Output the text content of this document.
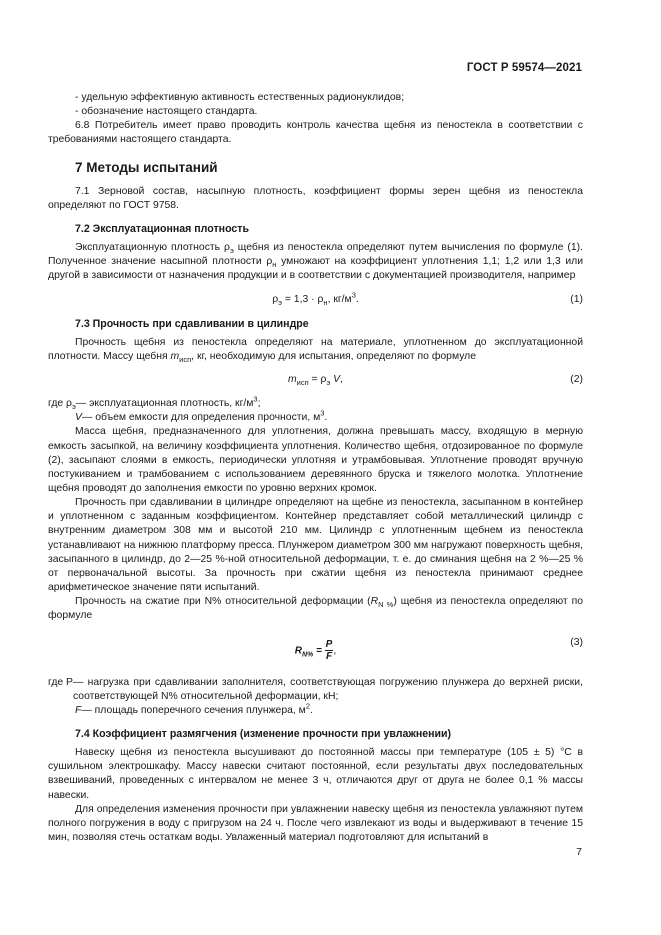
ГОСТ Р 59574—2021

- удельную эффективную активность естественных радионуклидов;

- обозначение настоящего стандарта.

6.8 Потребитель имеет право проводить контроль качества щебня из пеностекла в соответствии с требованиями настоящего стандарта.

7 Методы испытаний

7.1 Зерновой состав, насыпную плотность, коэффициент формы зерен щебня из пеностекла определяют по ГОСТ 9758.

7.2 Эксплуатационная плотность

Эксплуатационную плотность $\rho_э$ щебня из пеностекла определяют путем вычисления по формуле (1). Полученное значение насыпной плотности $\rho_н$ умножают на коэффициент уплотнения 1,1; 1,2 или 1,3 или другой в зависимости от назначения продукции и в соответствии с документацией производителя, например

$\rho_э = 1,3 \cdot \rho_н$, $кг/м^3$.	(1)

7.3 Прочность при сдавливании в цилиндре

Прочность щебня из пеностекла определяют на материале, уплотненном до эксплуатационной плотности. Массу щебня $m_{исп}$, кг, необходимую для испытания, определяют по формуле

$m_{исп} = \rho_э$ V,	(2)
где $\rho_э$ — эксплуатационная плотность, $кг/м^3$;
V — объем емкости для определения прочности, $м^3$.

Масса щебня, предназначенного для уплотнения, должна превышать массу, входящую в мерную емкость засыпкой, на величину коэффициента уплотнения. Количество щебня, отдозированное по формуле (2), засыпают слоями в емкость, периодически уплотняя и утрамбовывая. Уплотнение проводят вручную постукиванием и трамбованием с использованием деревянного бруска и тяжелого молотка. Уплотнение щебня проводят до заполнения емкости по уровню верхних кромок.

Прочность при сдавливании в цилиндре определяют на щебне из пеностекла, засыпанном в контейнер и уплотненном с заданным коэффициентом. Контейнер представляет собой металлический цилиндр с внутренним диаметром 308 мм и высотой 210 мм. Цилиндр с уплотненным щебнем из пеностекла устанавливают на нижнюю платформу пресса. Плунжером диаметром 300 мм нагружают поверхность щебня, засыпанного в цилиндр, до 2—25 %-ной относительной деформации, т. е. до сминания щебня на 2 %—25 % от первоначальной высоты. За прочность при сжатии щебня из пеностекла принимают среднее арифметическое значение пяти испытаний.

Прочность на сжатие при N% относительной деформации $(R_{N \%})$ щебня из пеностекла определяют по формуле

$R_{N\%} = \frac{P}{F}$ ,
(3)
где P — нагрузка при сдавливании заполнителя, соответствующая погружению плунжера до верхней риски, соответствующей N% относительной деформации, кН;
F — площадь поперечного сечения плунжера, $м^2$.

7.4 Коэффициент размягчения (изменение прочности при увлажнении)

Навеску щебня из пеностекла высушивают до постоянной массы при температуре (105 ± 5) °С в сушильном электрошкафу. Массу навески считают постоянной, если результаты двух последовательных взвешиваний, проведенных с интервалом не менее 3 ч, отличаются друг от друга не более 0,1 % массы навески.

Для определения изменения прочности при увлажнении навеску щебня из пеностекла увлажняют путем полного погружения в воду с пригрузом на 24 ч. После чего извлекают из воды и выдерживают в течение 15 мин, позволяя стечь остаткам воды. Увлаженный материал подготовляют для испытаний в

7
